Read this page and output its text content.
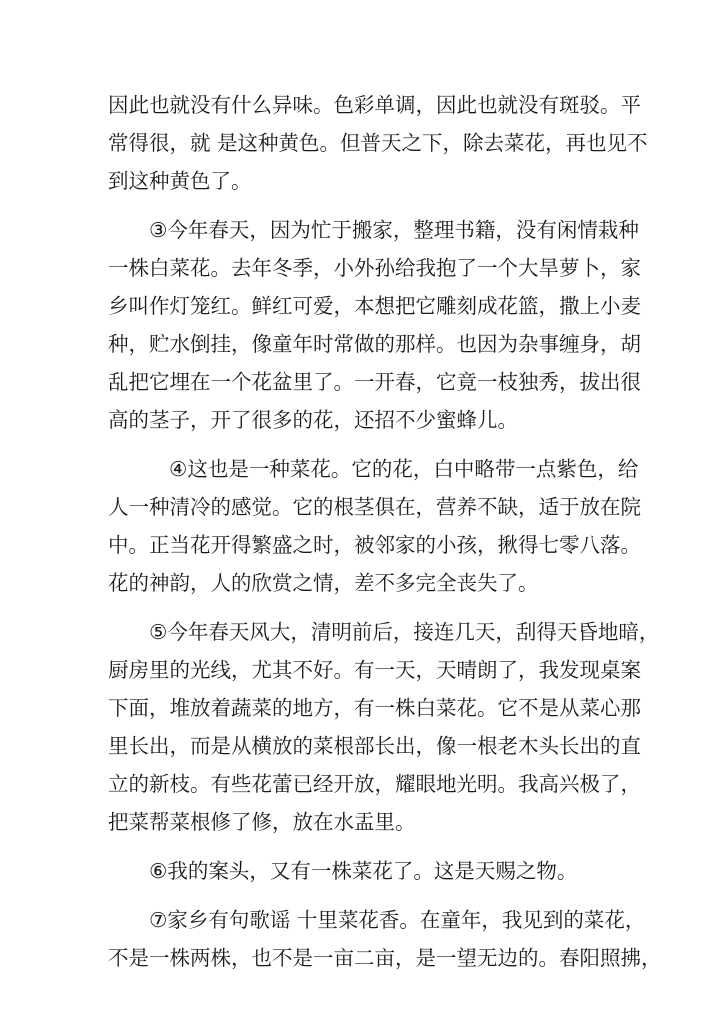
因此也就没有什么异味。色彩单调，因此也就没有斑驳。平
常得很，就 是这种黄色。但普天之下，除去菜花，再也见不
到这种黄色了。
③今年春天，因为忙于搬家，整理书籍，没有闲情栽种
一株白菜花。去年冬季，小外孙给我抱了一个大旱萝卜，家
乡叫作灯笼红。鲜红可爱，本想把它雕刻成花篮，撒上小麦
种，贮水倒挂，像童年时常做的那样。也因为杂事缠身，胡
乱把它埋在一个花盆里了。一开春，它竟一枝独秀，拔出很
高的茎子，开了很多的花，还招不少蜜蜂儿。
④这也是一种菜花。它的花，白中略带一点紫色，给
人一种清冷的感觉。它的根茎俱在，营养不缺，适于放在院
中。正当花开得繁盛之时，被邻家的小孩，揪得七零八落。
花的神韵，人的欣赏之情，差不多完全丧失了。
⑤今年春天风大，清明前后，接连几天，刮得天昏地暗，
厨房里的光线，尤其不好。有一天，天晴朗了，我发现桌案
下面，堆放着蔬菜的地方，有一株白菜花。它不是从菜心那
里长出，而是从横放的菜根部长出，像一根老木头长出的直
立的新枝。有些花蕾已经开放，耀眼地光明。我高兴极了，
把菜帮菜根修了修，放在水盂里。
⑥我的案头，又有一株菜花了。这是天赐之物。
⑦家乡有句歌谣 十里菜花香。在童年，我见到的菜花，
不是一株两株，也不是一亩二亩，是一望无边的。春阳照拂，
